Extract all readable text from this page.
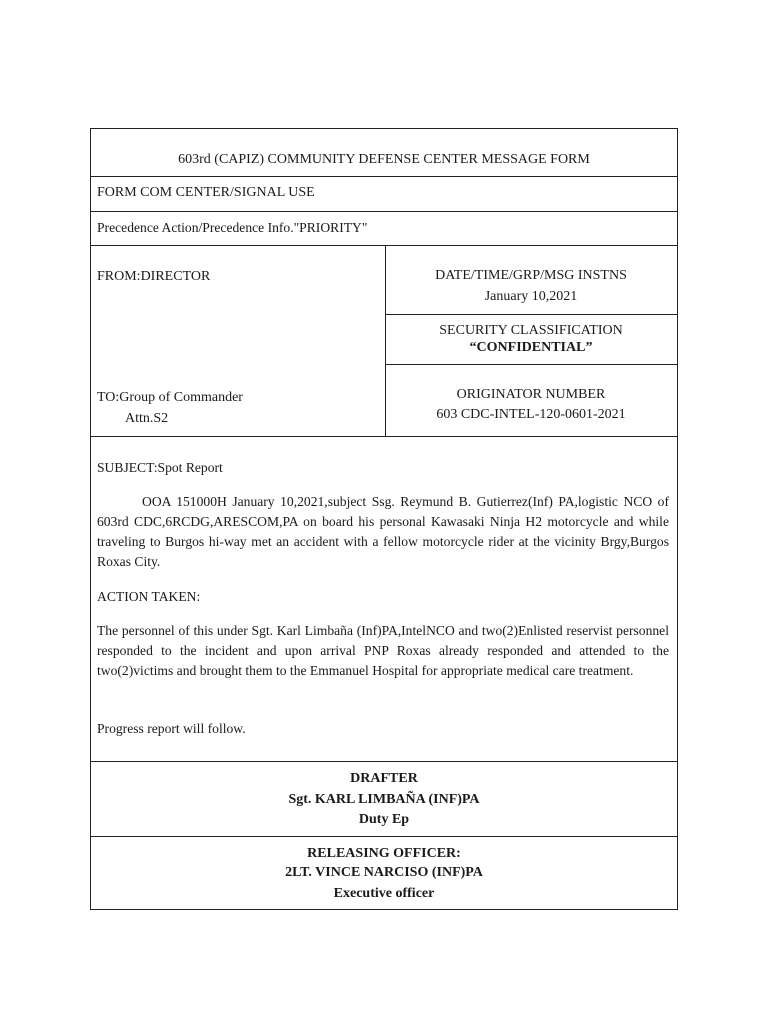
603rd (CAPIZ) COMMUNITY DEFENSE CENTER MESSAGE FORM
FORM COM CENTER/SIGNAL USE
Precedence Action/Precedence Info."PRIORITY"
FROM:DIRECTOR
TO:Group of Commander
Attn.S2
DATE/TIME/GRP/MSG INSTNS
January 10,2021
SECURITY CLASSIFICATION
“CONFIDENTIAL”
ORIGINATOR NUMBER
603 CDC-INTEL-120-0601-2021
SUBJECT:Spot Report
OOA 151000H January 10,2021,subject Ssg. Reymund B. Gutierrez(Inf) PA,logistic NCO of 603rd CDC,6RCDG,ARESCOM,PA on board his personal Kawasaki Ninja H2 motorcycle and while traveling to Burgos hi-way met an accident with a fellow motorcycle rider at the vicinity Brgy,Burgos Roxas City.
ACTION TAKEN:
The personnel of this under Sgt. Karl Limbaña (Inf)PA,IntelNCO and two(2)Enlisted reservist personnel responded to the incident and upon arrival PNP Roxas already responded and attended to the two(2)victims and brought them to the Emmanuel Hospital for appropriate medical care treatment.
Progress report will follow.
DRAFTER
Sgt. KARL LIMBAÑA (INF)PA
Duty Ep
RELEASING OFFICER:
2LT. VINCE NARCISO (INF)PA
Executive officer
